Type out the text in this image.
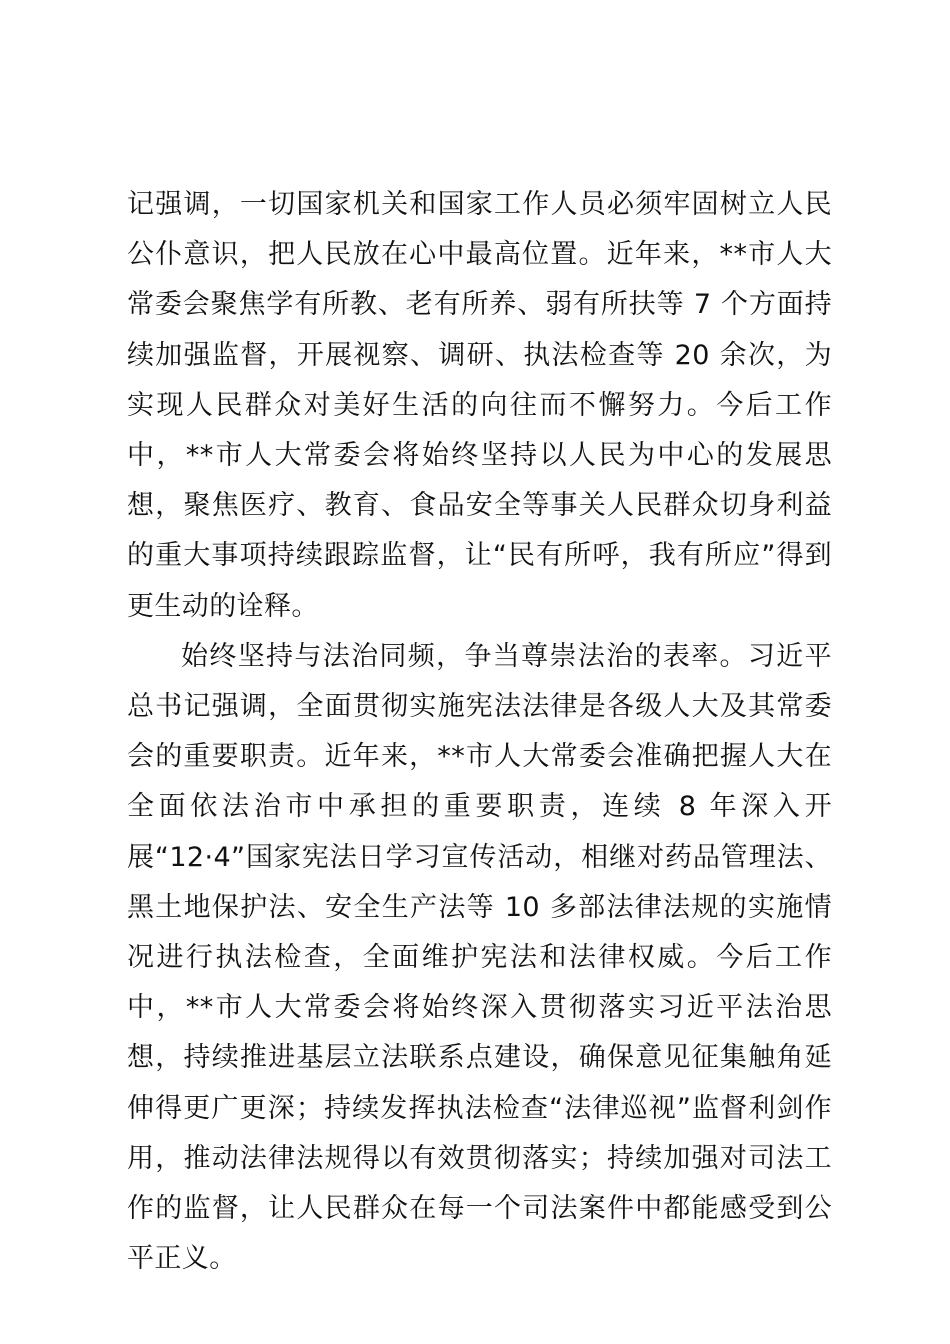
记强调，一切国家机关和国家工作人员必须牢固树立人民公仆意识，把人民放在心中最高位置。近年来，**市人大常委会聚焦学有所教、老有所养、弱有所扶等 7 个方面持续加强监督，开展视察、调研、执法检查等 20 余次，为实现人民群众对美好生活的向往而不懈努力。今后工作中，**市人大常委会将始终坚持以人民为中心的发展思想，聚焦医疗、教育、食品安全等事关人民群众切身利益的重大事项持续跟踪监督，让“民有所呼，我有所应”得到更生动的诠释。

始终坚持与法治同频，争当尊崇法治的表率。习近平总书记强调，全面贯彻实施宪法法律是各级人大及其常委会的重要职责。近年来，**市人大常委会准确把握人大在全面依法治市中承担的重要职责，连续 8 年深入开展“12·4”国家宪法日学习宣传活动，相继对药品管理法、黑土地保护法、安全生产法等 10 多部法律法规的实施情况进行执法检查，全面维护宪法和法律权威。今后工作中，**市人大常委会将始终深入贯彻落实习近平法治思想，持续推进基层立法联系点建设，确保意见征集触角延伸得更广更深；持续发挥执法检查“法律巡视”监督利剑作用，推动法律法规得以有效贯彻落实；持续加强对司法工作的监督，让人民群众在每一个司法案件中都能感受到公平正义。
